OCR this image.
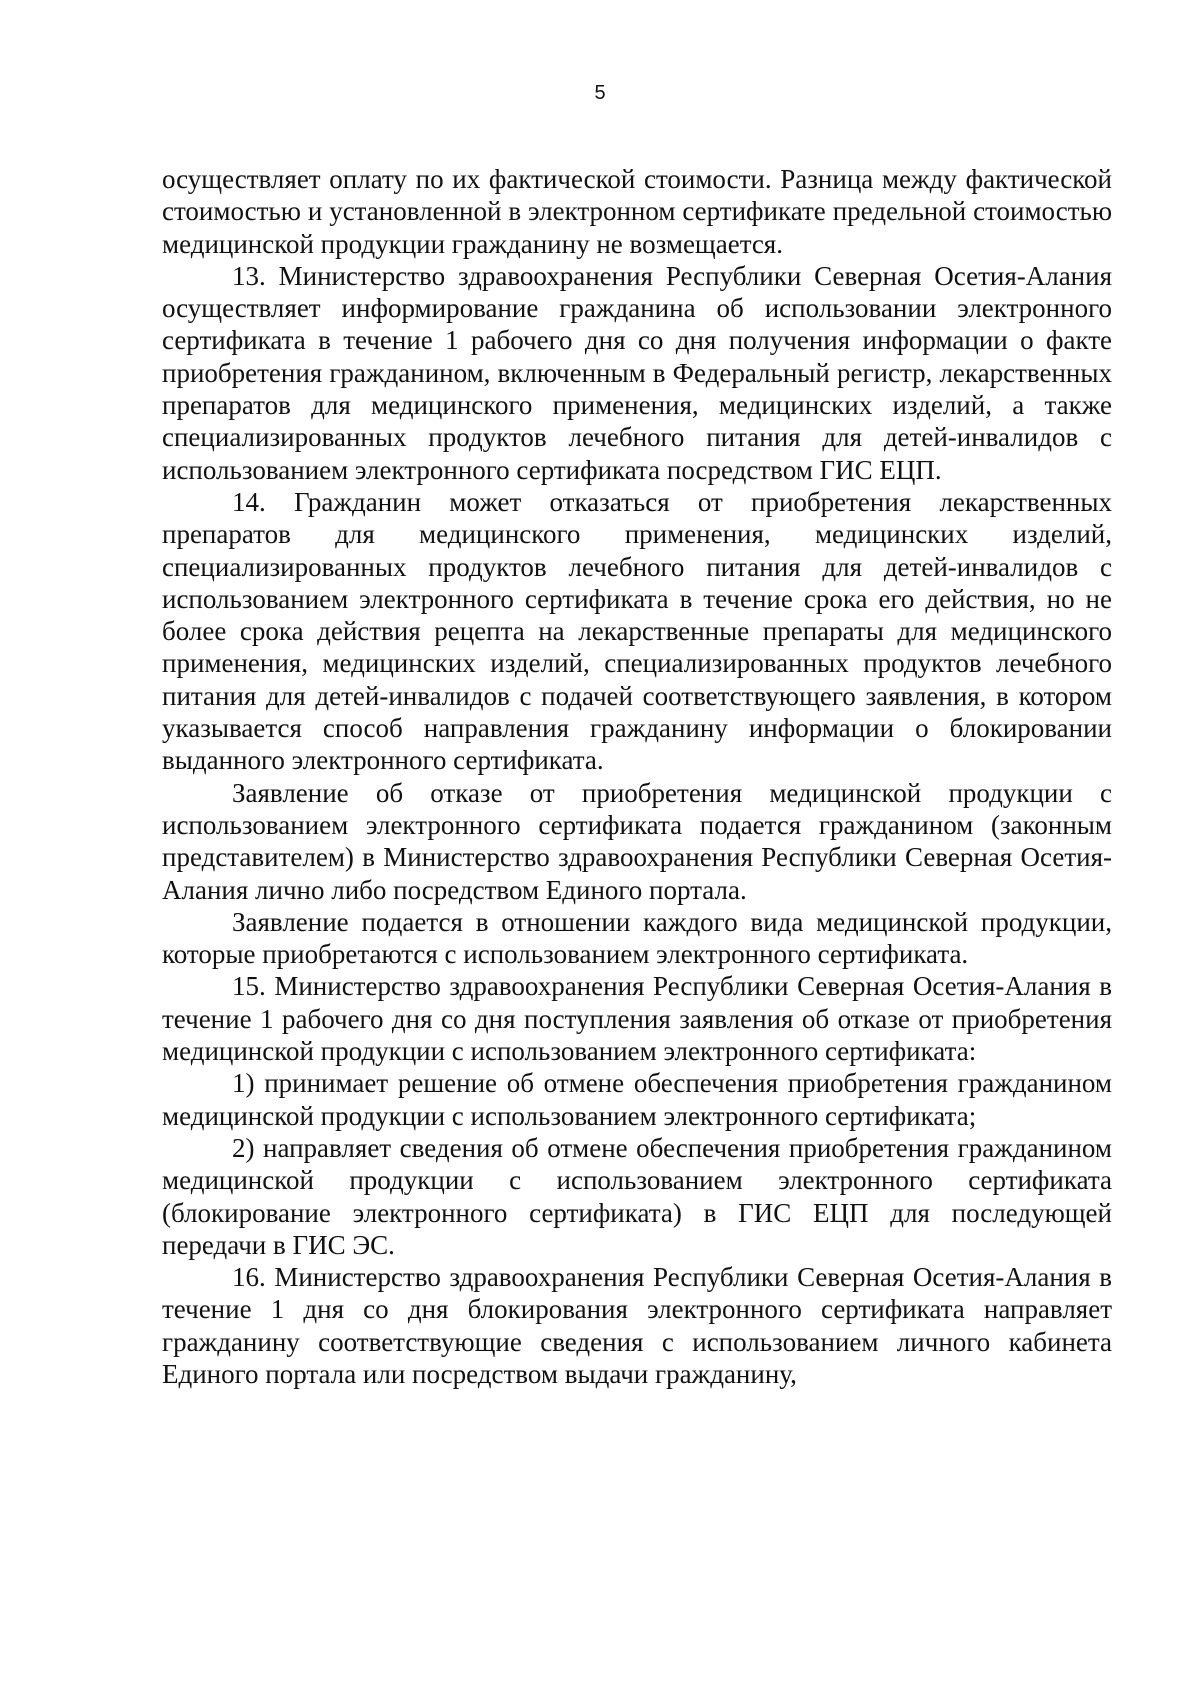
5

осуществляет оплату по их фактической стоимости. Разница между фактической стоимостью и установленной в электронном сертификате предельной стоимостью медицинской продукции гражданину не возмещается.

13. Министерство здравоохранения Республики Северная Осетия-Алания осуществляет информирование гражданина об использовании электронного сертификата в течение 1 рабочего дня со дня получения информации о факте приобретения гражданином, включенным в Федеральный регистр, лекарственных препаратов для медицинского применения, медицинских изделий, а также специализированных продуктов лечебного питания для детей-инвалидов с использованием электронного сертификата посредством ГИС ЕЦП.

14. Гражданин может отказаться от приобретения лекарственных препаратов для медицинского применения, медицинских изделий, специализированных продуктов лечебного питания для детей-инвалидов с использованием электронного сертификата в течение срока его действия, но не более срока действия рецепта на лекарственные препараты для медицинского применения, медицинских изделий, специализированных продуктов лечебного питания для детей-инвалидов с подачей соответствующего заявления, в котором указывается способ направления гражданину информации о блокировании выданного электронного сертификата.

Заявление об отказе от приобретения медицинской продукции с использованием электронного сертификата подается гражданином (законным представителем) в Министерство здравоохранения Республики Северная Осетия-Алания лично либо посредством Единого портала.

Заявление подается в отношении каждого вида медицинской продукции, которые приобретаются с использованием электронного сертификата.

15. Министерство здравоохранения Республики Северная Осетия-Алания в течение 1 рабочего дня со дня поступления заявления об отказе от приобретения медицинской продукции с использованием электронного сертификата:

1) принимает решение об отмене обеспечения приобретения гражданином медицинской продукции с использованием электронного сертификата;

2) направляет сведения об отмене обеспечения приобретения гражданином медицинской продукции с использованием электронного сертификата (блокирование электронного сертификата) в ГИС ЕЦП для последующей передачи в ГИС ЭС.

16. Министерство здравоохранения Республики Северная Осетия-Алания в течение 1 дня со дня блокирования электронного сертификата направляет гражданину соответствующие сведения с использованием личного кабинета Единого портала или посредством выдачи гражданину,
